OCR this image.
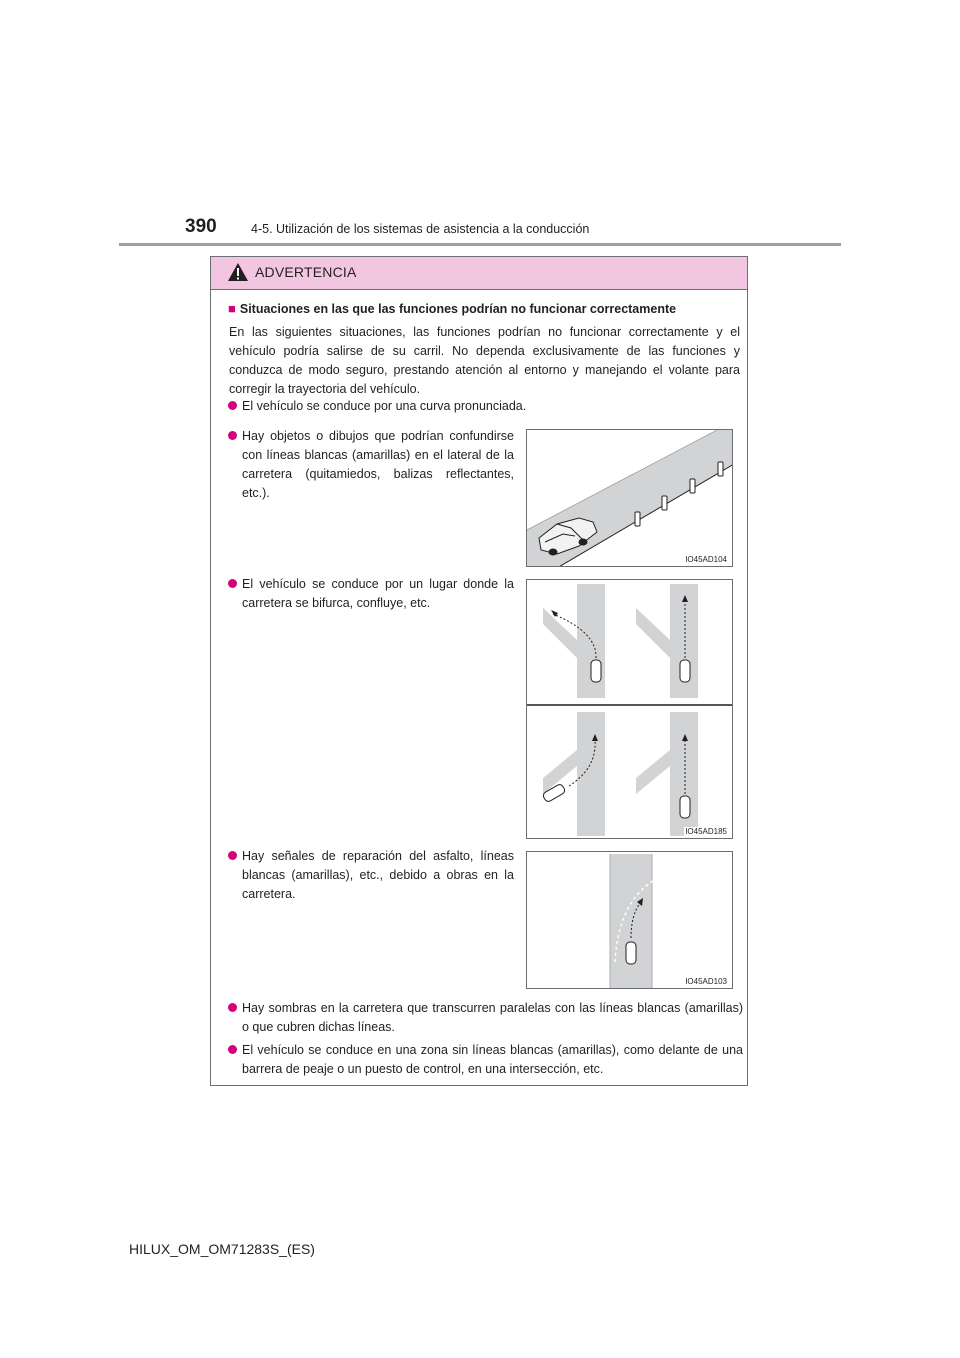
390	4-5. Utilización de los sistemas de asistencia a la conducción
ADVERTENCIA

■ Situaciones en las que las funciones podrían no funcionar correctamente

En las siguientes situaciones, las funciones podrían no funcionar correctamente y el vehículo podría salirse de su carril. No dependa exclusivamente de las funciones y conduzca de modo seguro, prestando atención al entorno y manejando el volante para corregir la trayectoria del vehículo.

El vehículo se conduce por una curva pronunciada.

Hay objetos o dibujos que podrían confundirse con líneas blancas (amarillas) en el lateral de la carretera (quitamiedos, balizas reflectantes, etc.).

El vehículo se conduce por un lugar donde la carretera se bifurca, confluye, etc.

Hay señales de reparación del asfalto, líneas blancas (amarillas), etc., debido a obras en la carretera.

Hay sombras en la carretera que transcurren paralelas con las líneas blancas (amarillas) o que cubren dichas líneas.

El vehículo se conduce en una zona sin líneas blancas (amarillas), como delante de una barrera de peaje o un puesto de control, en una intersección, etc.

IO45AD104
IO45AD185
IO45AD103
HILUX_OM_OM71283S_(ES)
